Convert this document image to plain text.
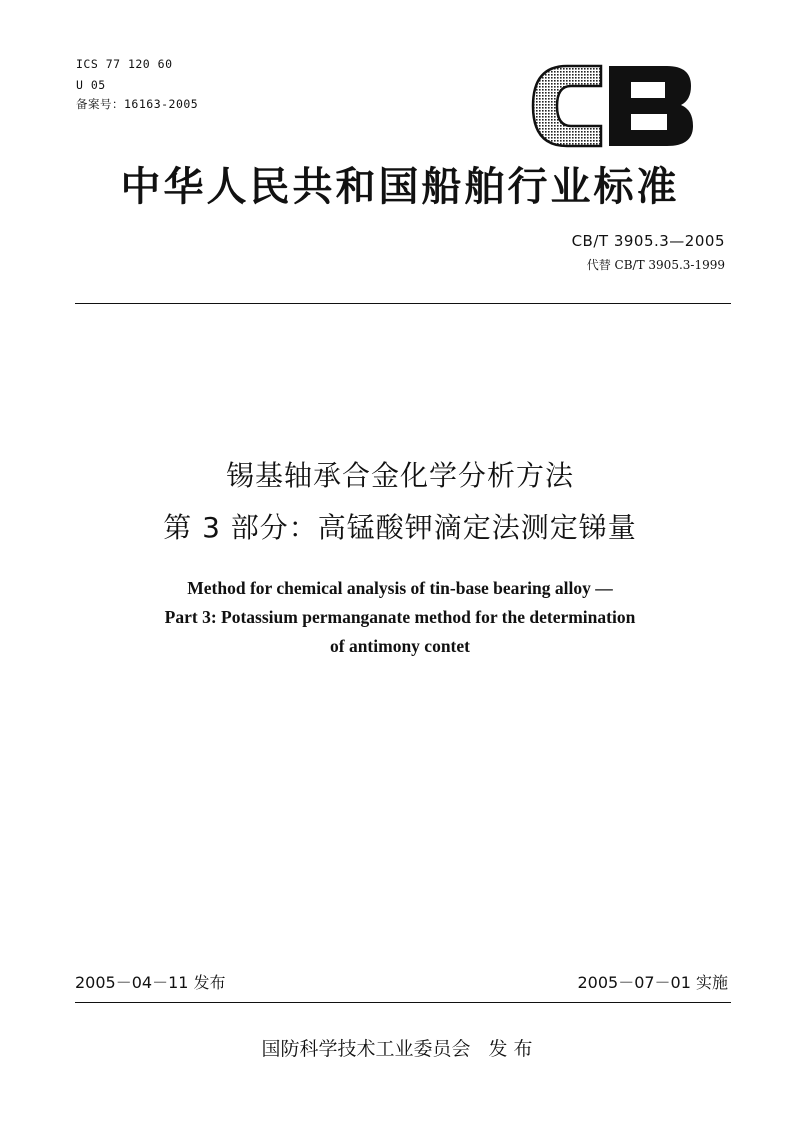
ICS 77 120 60
U 05
备案号：16163-2005
中华人民共和国船舶行业标准
CB/T 3905.3—2005
代替 CB/T 3905.3-1999
锡基轴承合金化学分析方法
第 3 部分：高锰酸钾滴定法测定锑量
Method for chemical analysis of tin-base bearing alloy —
Part 3: Potassium permanganate method for the determination
of antimony contet
2005－04－11 发布	2005－07－01 实施
国防科学技术工业委员会 发布
